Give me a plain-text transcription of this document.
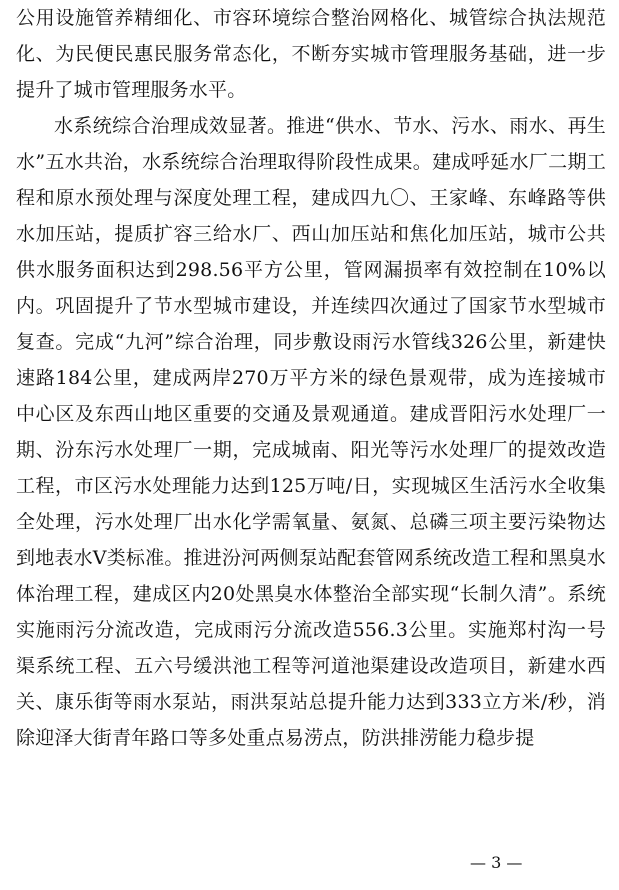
公用设施管养精细化、市容环境综合整治网格化、城管综合执法规范化、为民便民惠民服务常态化，不断夯实城市管理服务基础，进一步提升了城市管理服务水平。

水系统综合治理成效显著。推进“供水、节水、污水、雨水、再生水”五水共治，水系统综合治理取得阶段性成果。建成呼延水厂二期工程和原水预处理与深度处理工程，建成四九〇、王家峰、东峰路等供水加压站，提质扩容三给水厂、西山加压站和焦化加压站，城市公共供水服务面积达到298.56平方公里，管网漏损率有效控制在10%以内。巩固提升了节水型城市建设，并连续四次通过了国家节水型城市复查。完成“九河”综合治理，同步敷设雨污水管线326公里，新建快速路184公里，建成两岸270万平方米的绿色景观带，成为连接城市中心区及东西山地区重要的交通及景观通道。建成晋阳污水处理厂一期、汾东污水处理厂一期，完成城南、阳光等污水处理厂的提效改造工程，市区污水处理能力达到125万吨/日，实现城区生活污水全收集全处理，污水处理厂出水化学需氧量、氨氮、总磷三项主要污染物达到地表水Ⅴ类标准。推进汾河两侧泵站配套管网系统改造工程和黑臭水体治理工程，建成区内20处黑臭水体整治全部实现“长制久清”。系统实施雨污分流改造，完成雨污分流改造556.3公里。实施郑村沟一号渠系统工程、五六号缓洪池工程等河道池渠建设改造项目，新建水西关、康乐街等雨水泵站，雨洪泵站总提升能力达到333立方米/秒，消除迎泽大街青年路口等多处重点易涝点，防洪排涝能力稳步提

— 3 —
